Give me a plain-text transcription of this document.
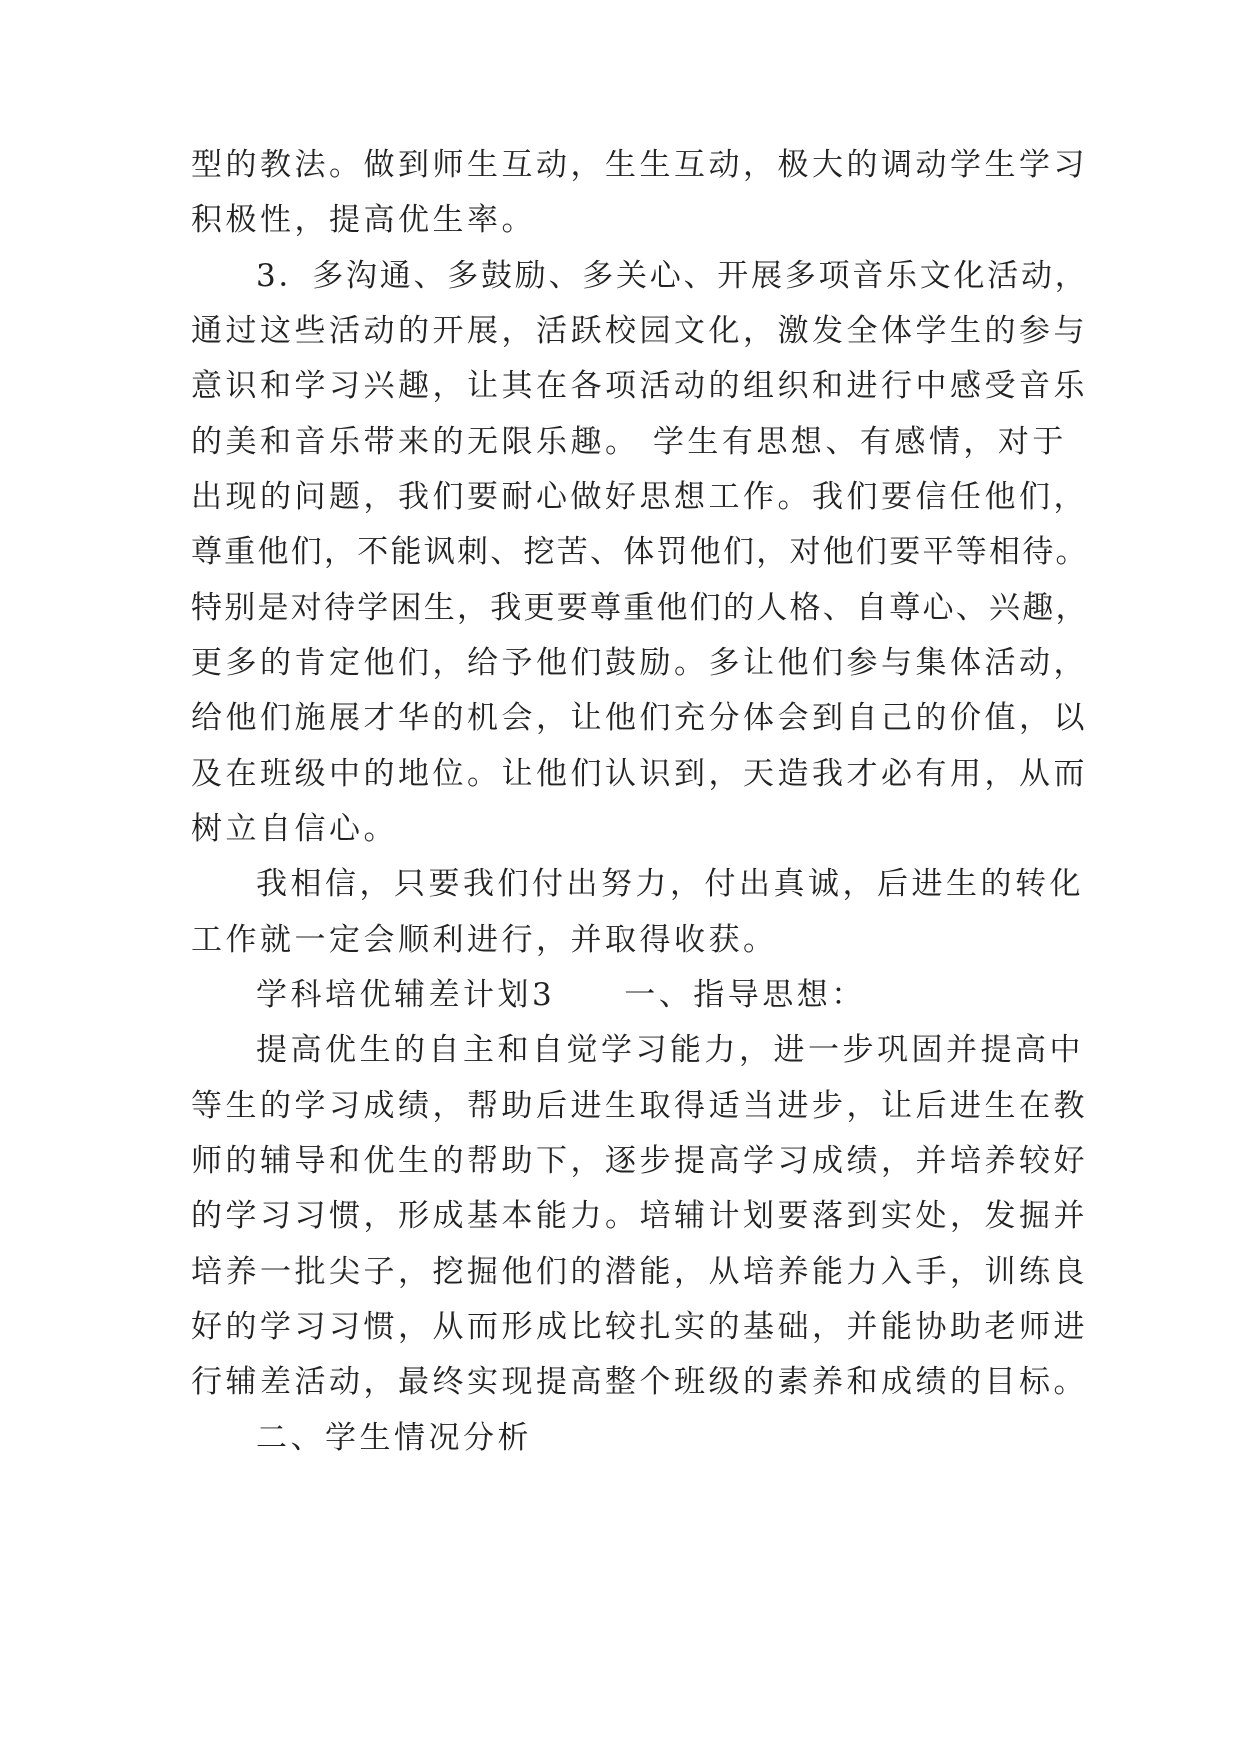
型的教法。做到师生互动，生生互动，极大的调动学生学习
积极性，提高优生率。
3．多沟通、多鼓励、多关心、开展多项音乐文化活动，
通过这些活动的开展，活跃校园文化，激发全体学生的参与
意识和学习兴趣，让其在各项活动的组织和进行中感受音乐
的美和音乐带来的无限乐趣。 学生有思想、有感情，对于
出现的问题，我们要耐心做好思想工作。我们要信任他们，
尊重他们，不能讽刺、挖苦、体罚他们，对他们要平等相待。
特别是对待学困生，我更要尊重他们的人格、自尊心、兴趣，
更多的肯定他们，给予他们鼓励。多让他们参与集体活动，
给他们施展才华的机会，让他们充分体会到自己的价值，以
及在班级中的地位。让他们认识到，天造我才必有用，从而
树立自信心。
我相信，只要我们付出努力，付出真诚，后进生的转化
工作就一定会顺利进行，并取得收获。
学科培优辅差计划3　　一、指导思想：
提高优生的自主和自觉学习能力，进一步巩固并提高中
等生的学习成绩，帮助后进生取得适当进步，让后进生在教
师的辅导和优生的帮助下，逐步提高学习成绩，并培养较好
的学习习惯，形成基本能力。培辅计划要落到实处，发掘并
培养一批尖子，挖掘他们的潜能，从培养能力入手，训练良
好的学习习惯，从而形成比较扎实的基础，并能协助老师进
行辅差活动，最终实现提高整个班级的素养和成绩的目标。
二、学生情况分析
